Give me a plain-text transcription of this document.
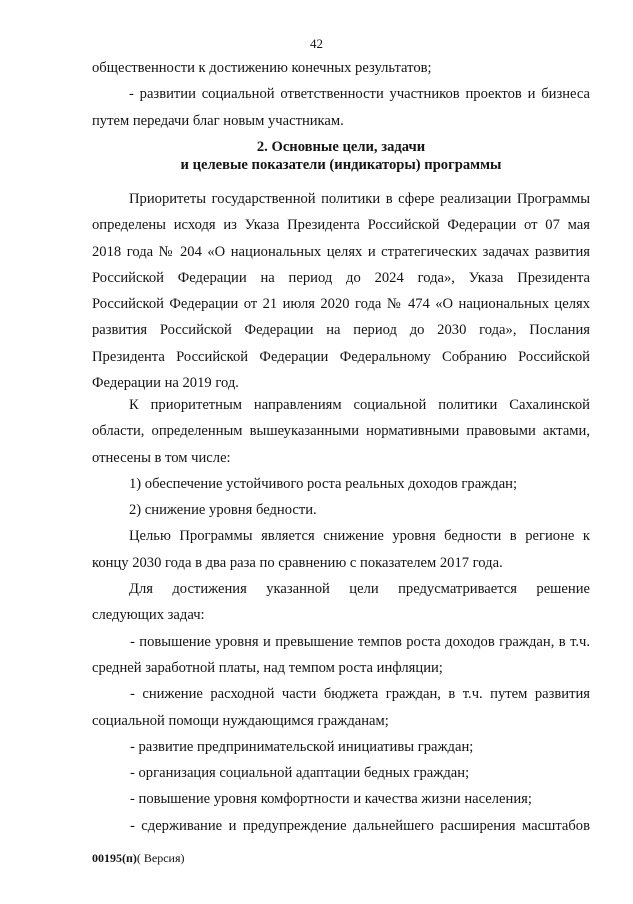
42
общественности к достижению конечных результатов;
- развитии социальной ответственности участников проектов и бизнеса
путем передачи благ новым участникам.
2. Основные цели, задачи
и целевые показатели (индикаторы) программы
Приоритеты государственной политики в сфере реализации Программы
определены исходя из Указа Президента Российской Федерации от 07 мая
2018 года № 204 «О национальных целях и стратегических задачах развития
Российской Федерации на период до 2024 года», Указа Президента
Российской Федерации от 21 июля 2020 года № 474 «О национальных целях
развития Российской Федерации на период до 2030 года», Послания
Президента Российской Федерации Федеральному Собранию Российской
Федерации на 2019 год.
К приоритетным направлениям социальной политики Сахалинской
области, определенным вышеуказанными нормативными правовыми актами,
отнесены в том числе:
1) обеспечение устойчивого роста реальных доходов граждан;
2) снижение уровня бедности.
Целью Программы является снижение уровня бедности в регионе к
концу 2030 года в два раза по сравнению с показателем 2017 года.
Для достижения указанной цели предусматривается решение
следующих задач:
- повышение уровня и превышение темпов роста доходов граждан, в т.ч.
средней заработной платы, над темпом роста инфляции;
- снижение расходной части бюджета граждан, в т.ч. путем развития
социальной помощи нуждающимся гражданам;
- развитие предпринимательской инициативы граждан;
- организация социальной адаптации бедных граждан;
- повышение уровня комфортности и качества жизни населения;
- сдерживание и предупреждение дальнейшего расширения масштабов
00195(п)( Версия)
